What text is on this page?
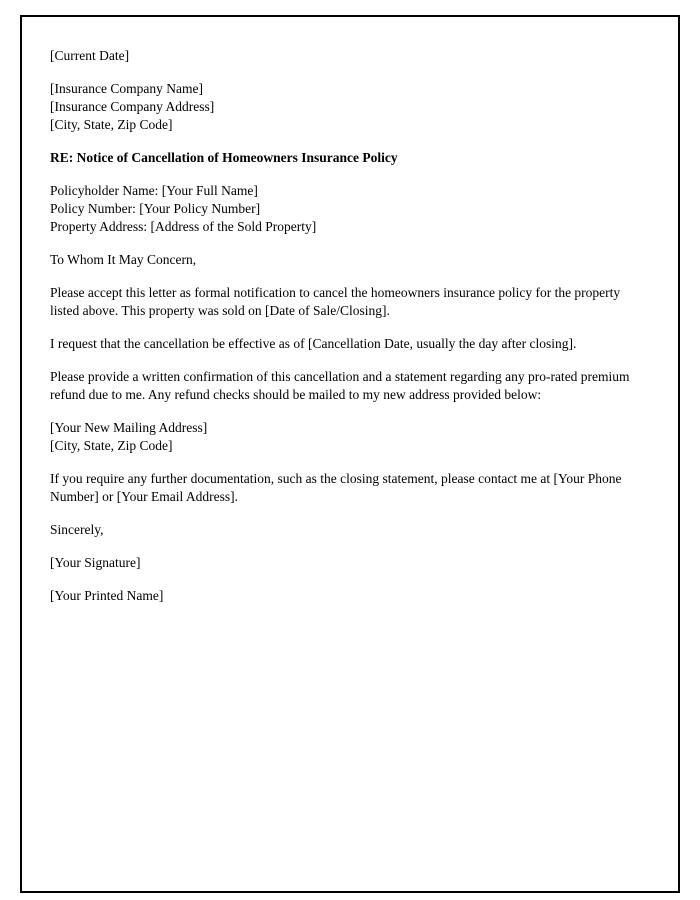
[Current Date]
[Insurance Company Name]
[Insurance Company Address]
[City, State, Zip Code]
RE: Notice of Cancellation of Homeowners Insurance Policy
Policyholder Name: [Your Full Name]
Policy Number: [Your Policy Number]
Property Address: [Address of the Sold Property]
To Whom It May Concern,

Please accept this letter as formal notification to cancel the homeowners insurance policy for the property listed above. This property was sold on [Date of Sale/Closing].

I request that the cancellation be effective as of [Cancellation Date, usually the day after closing].

Please provide a written confirmation of this cancellation and a statement regarding any pro-rated premium refund due to me. Any refund checks should be mailed to my new address provided below:

[Your New Mailing Address]
[City, State, Zip Code]

If you require any further documentation, such as the closing statement, please contact me at [Your Phone Number] or [Your Email Address].

Sincerely,
[Your Signature]
[Your Printed Name]
